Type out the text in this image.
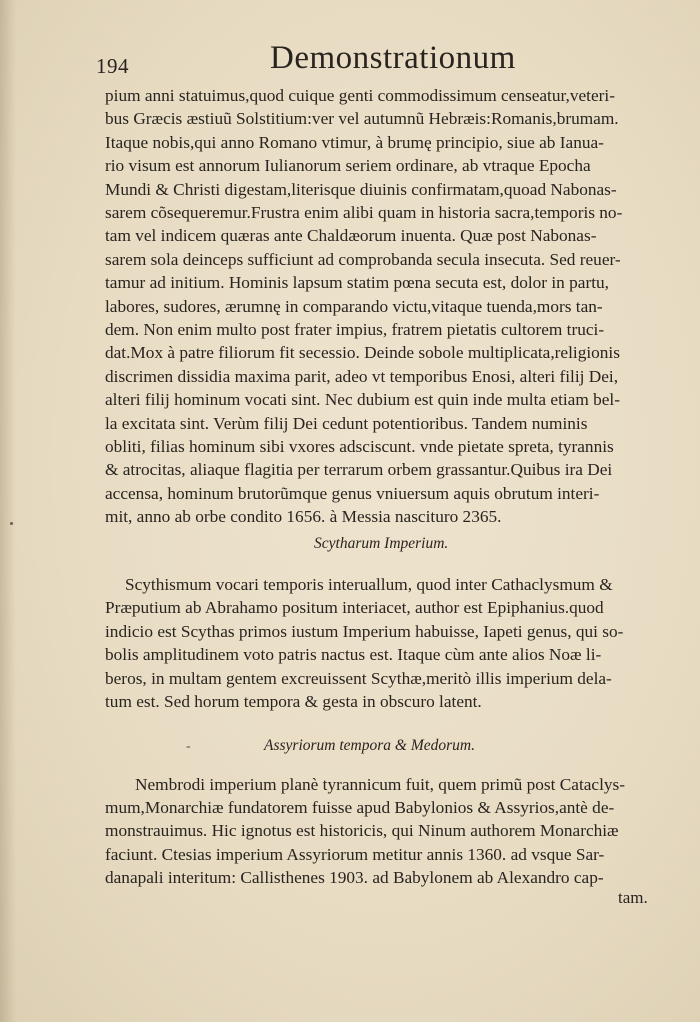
194	Demonstrationum
pium anni statuimus,quod cuique genti commodissimum censeatur,veteri-
bus Græcis æstiuũ Solstitium:ver vel autumnũ Hebræis:Romanis,brumam.
Itaque nobis,qui anno Romano vtimur, à brumę principio, siue ab Ianua-
rio visum est annorum Iulianorum seriem ordinare, ab vtraque Epocha
Mundi & Christi digestam,literisque diuinis confirmatam,quoad Nabonas-
sarem cõsequeremur.Frustra enim alibi quam in historia sacra,temporis no-
tam vel indicem quæras ante Chaldæorum inuenta. Quæ post Nabonas-
sarem sola deinceps sufficiunt ad comprobanda secula insecuta. Sed reuer-
tamur ad initium. Hominis lapsum statim pœna secuta est, dolor in partu,
labores, sudores, ærumnę in comparando victu,vitaque tuenda,mors tan-
dem. Non enim multo post frater impius, fratrem pietatis cultorem truci-
dat.Mox à patre filiorum fit secessio. Deinde sobole multiplicata,religionis
discrimen dissidia maxima parit, adeo vt temporibus Enosi, alteri filij Dei,
alteri filij hominum vocati sint. Nec dubium est quin inde multa etiam bel-
la excitata sint. Verùm filij Dei cedunt potentioribus. Tandem numinis
obliti, filias hominum sibi vxores adsciscunt. vnde pietate spreta, tyrannis
& atrocitas, aliaque flagitia per terrarum orbem grassantur.Quibus ira Dei
accensa, hominum brutorũmque genus vniuersum aquis obrutum interi-
mit, anno ab orbe condito 1656. à Messia nasciturо 2365.
Scytharum Imperium.
Scythismum vocari temporis interuallum, quod inter Cathaclysmum &
Præputium ab Abrahamo positum interiacet, author est Epiphanius.quod
indicio est Scythas primos iustum Imperium habuisse, Iapeti genus, qui so-
bolis amplitudinem voto patris nactus est. Itaque cùm ante alios Noæ li-
beros, in multam gentem excreuissent Scythæ,meritò illis imperium dela-
tum est. Sed horum tempora & gesta in obscuro latent.
-	Assyriorum tempora & Medorum.
Nembrodi imperium planè tyrannicum fuit, quem primũ post Cataclys-
mum,Monarchiæ fundatorem fuisse apud Babylonios & Assyrios,antè de-
monstrauimus. Hic ignotus est historicis, qui Ninum authorem Monarchiæ
faciunt. Ctesias imperium Assyriorum metitur annis 1360. ad vsque Sar-
danapali interitum: Callisthenes 1903. ad Babylonem ab Alexandro cap-
tam.
